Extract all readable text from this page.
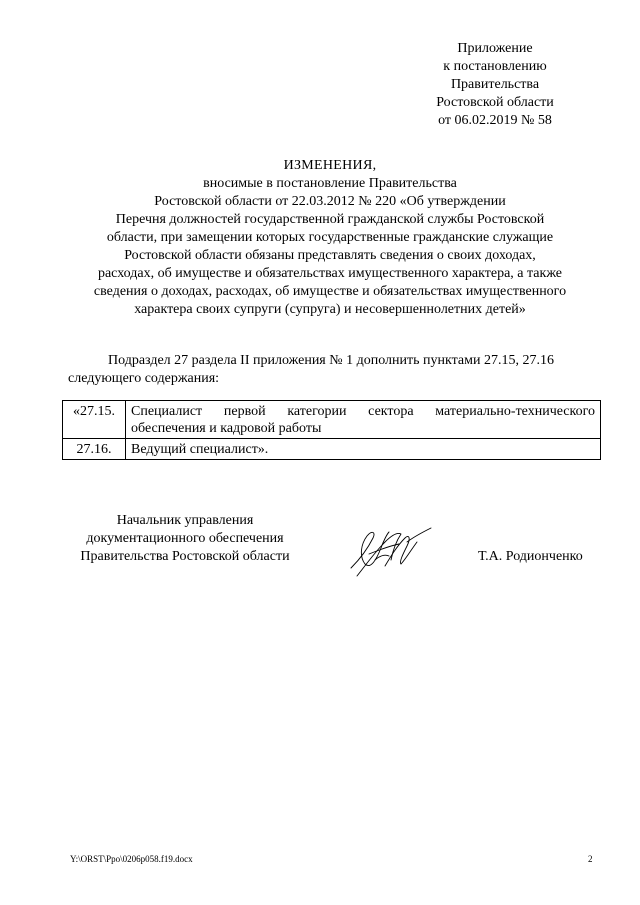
Приложение
к постановлению
Правительства
Ростовской области
от 06.02.2019 № 58
ИЗМЕНЕНИЯ,
вносимые в постановление Правительства
Ростовской области от 22.03.2012 № 220 «Об утверждении
Перечня должностей государственной гражданской службы Ростовской
области, при замещении которых государственные гражданские служащие
Ростовской области обязаны представлять сведения о своих доходах,
расходах, об имуществе и обязательствах имущественного характера, а также
сведения о доходах, расходах, об имуществе и обязательствах имущественного
характера своих супруги (супруга) и несовершеннолетних детей»
Подраздел 27 раздела II приложения № 1 дополнить пунктами 27.15, 27.16
следующего содержания:
«27.15.	Специалист первой категории сектора материально-технического
обеспечения и кадровой работы
27.16.	Ведущий специалист».
Начальник управления
документационного обеспечения
Правительства Ростовской области	Т.А. Родионченко
Y:\ORST\Ppo\0206p058.f19.docx	2
